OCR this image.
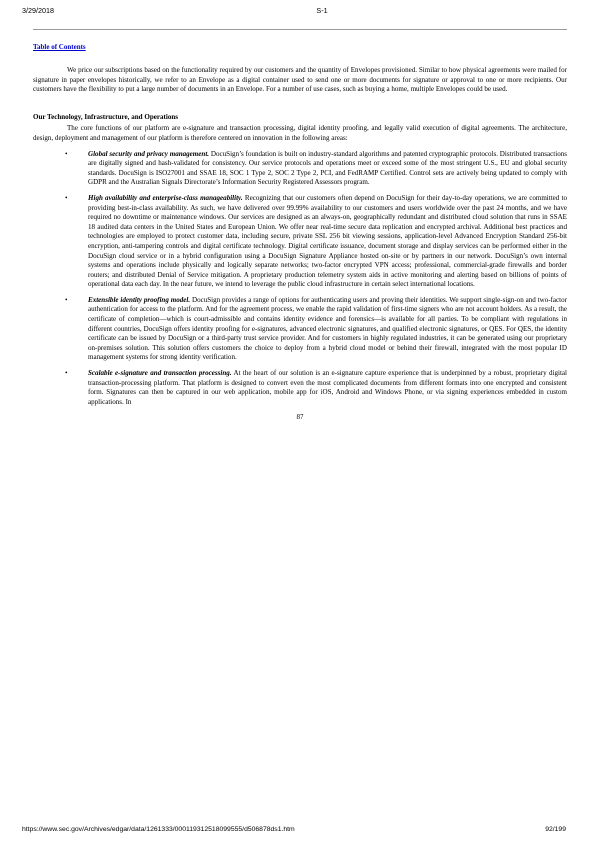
3/29/2018	S-1
Table of Contents

We price our subscriptions based on the functionality required by our customers and the quantity of Envelopes provisioned. Similar to how physical agreements were mailed for signature in paper envelopes historically, we refer to an Envelope as a digital container used to send one or more documents for signature or approval to one or more recipients. Our customers have the flexibility to put a large number of documents in an Envelope. For a number of use cases, such as buying a home, multiple Envelopes could be used.

Our Technology, Infrastructure, and Operations

The core functions of our platform are e-signature and transaction processing, digital identity proofing, and legally valid execution of digital agreements. The architecture, design, deployment and management of our platform is therefore centered on innovation in the following areas:

•	Global security and privacy management. DocuSign’s foundation is built on industry-standard algorithms and patented cryptographic protocols. Distributed transactions are digitally signed and hash-validated for consistency. Our service protocols and operations meet or exceed some of the most stringent U.S., EU and global security standards. DocuSign is ISO27001 and SSAE 18, SOC 1 Type 2, SOC 2 Type 2, PCI, and FedRAMP Certified. Control sets are actively being updated to comply with GDPR and the Australian Signals Directorate’s Information Security Registered Assessors program.
•	High availability and enterprise-class manageability. Recognizing that our customers often depend on DocuSign for their day-to-day operations, we are committed to providing best-in-class availability. As such, we have delivered over 99.99% availability to our customers and users worldwide over the past 24 months, and we have required no downtime or maintenance windows. Our services are designed as an always-on, geographically redundant and distributed cloud solution that runs in SSAE 18 audited data centers in the United States and European Union. We offer near real-time secure data replication and encrypted archival. Additional best practices and technologies are employed to protect customer data, including secure, private SSL 256 bit viewing sessions, application-level Advanced Encryption Standard 256-bit encryption, anti-tampering controls and digital certificate technology. Digital certificate issuance, document storage and display services can be performed either in the DocuSign cloud service or in a hybrid configuration using a DocuSign Signature Appliance hosted on-site or by partners in our network. DocuSign’s own internal systems and operations include physically and logically separate networks; two-factor encrypted VPN access; professional, commercial-grade firewalls and border routers; and distributed Denial of Service mitigation. A proprietary production telemetry system aids in active monitoring and alerting based on billions of points of operational data each day. In the near future, we intend to leverage the public cloud infrastructure in certain select international locations.
•	Extensible identity proofing model. DocuSign provides a range of options for authenticating users and proving their identities. We support single-sign-on and two-factor authentication for access to the platform. And for the agreement process, we enable the rapid validation of first-time signers who are not account holders. As a result, the certificate of completion—which is court-admissible and contains identity evidence and forensics—is available for all parties. To be compliant with regulations in different countries, DocuSign offers identity proofing for e-signatures, advanced electronic signatures, and qualified electronic signatures, or QES. For QES, the identity certificate can be issued by DocuSign or a third-party trust service provider. And for customers in highly regulated industries, it can be generated using our proprietary on-premises solution. This solution offers customers the choice to deploy from a hybrid cloud model or behind their firewall, integrated with the most popular ID management systems for strong identity verification.
•	Scalable e-signature and transaction processing. At the heart of our solution is an e-signature capture experience that is underpinned by a robust, proprietary digital transaction-processing platform. That platform is designed to convert even the most complicated documents from different formats into one encrypted and consistent form. Signatures can then be captured in our web application, mobile app for iOS, Android and Windows Phone, or via signing experiences embedded in custom applications. In

87

https://www.sec.gov/Archives/edgar/data/1261333/000119312518099555/d506878ds1.htm	92/199
